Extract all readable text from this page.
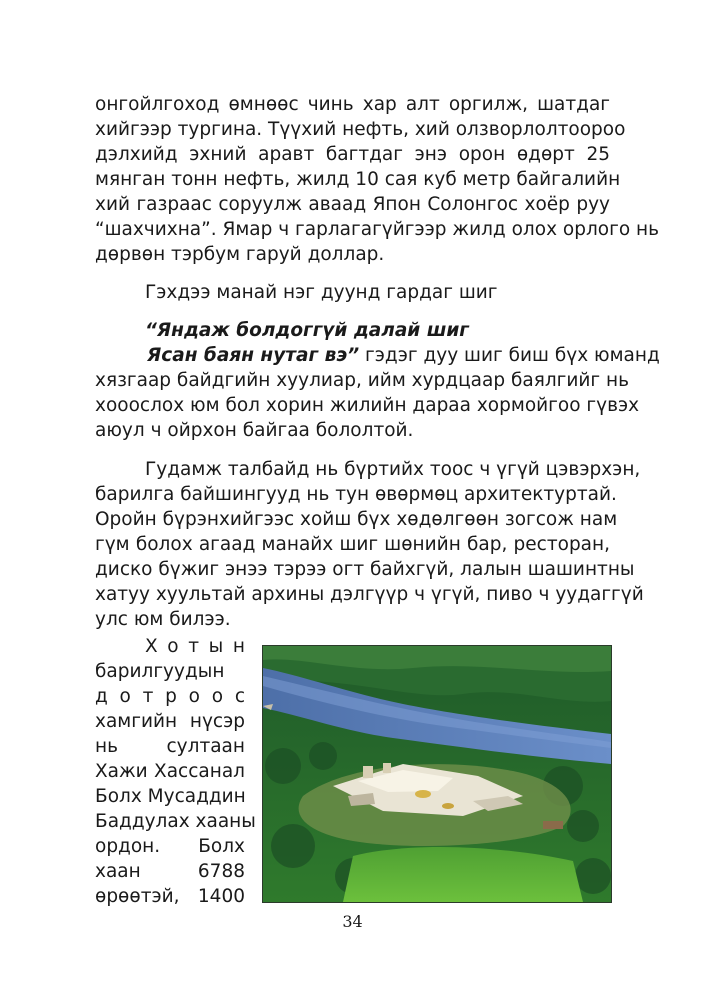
онгойлгоход өмнөөс чинь хар алт оргилж, шатдаг
хийгээр тургина. Түүхий нефть, хий олзворлолтоороо
дэлхийд эхний аравт багтдаг энэ орон өдөрт 25
мянган тонн нефть, жилд 10 сая куб метр байгалийн
хий газраас соруулж аваад Япон Солонгос хоёр руу
“шахчихна”. Ямар ч гарлагагүйгээр жилд олох орлого нь
дөрвөн тэрбум гаруй доллар.
Гэхдээ манай нэг дуунд гардаг шиг
“Яндаж болдоггүй далай шиг
Ясан баян нутаг вэ” гэдэг дуу шиг биш бүх юманд
хязгаар байдгийн хуулиар, ийм хурдцаар баялгийг нь
хооослох юм бол хорин жилийн дараа хормойгоо гүвэх
аюул ч ойрхон байгаа бололтой.
Гудамж талбайд нь бүртийх тоос ч үгүй цэвэрхэн,
барилга байшингууд нь тун өвөрмөц архитектуртай.
Оройн бүрэнхийгээс хойш бүх хөдөлгөөн зогсож нам
гүм болох агаад манайх шиг шөнийн бар, ресторан,
диско бүжиг энээ тэрээ огт байхгүй, лалын шашинтны
хатуу хуультай архины дэлгүүр ч үгүй, пиво ч уудаггүй
улс юм билээ.
Х о т ы н
барилгуудын
д о т р о о с
хамгийн нүсэр
нь султаан
Хажи Хассанал
Болх Мусаддин
Баддулах хааны
ордон. Болх
хаан 6788
өрөөтэй, 1400
34
